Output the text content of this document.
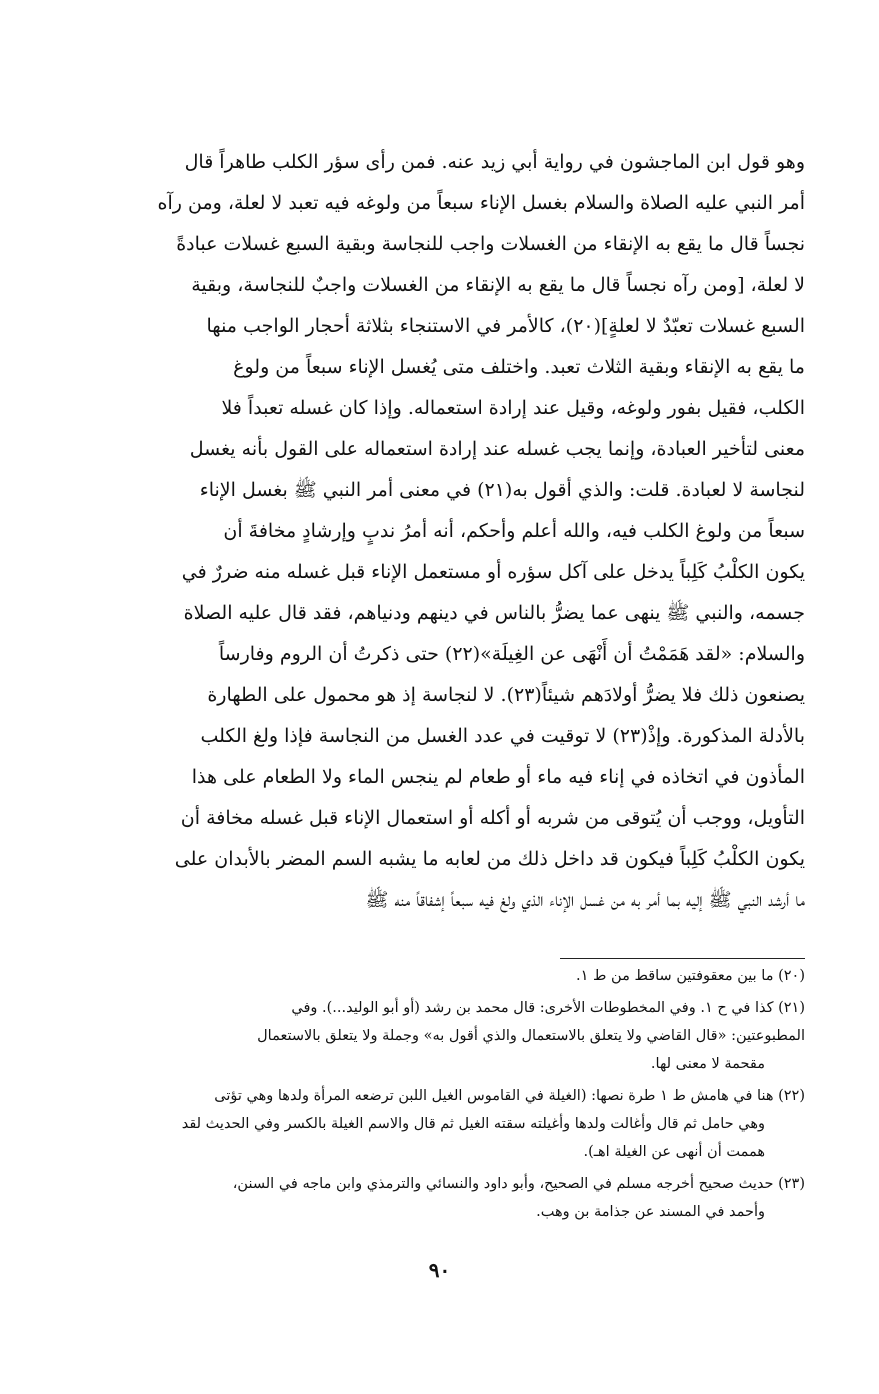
وهو قول ابن الماجشون في رواية أبي زيد عنه. فمن رأى سؤر الكلب طاهراً قال
أمر النبي عليه الصلاة والسلام بغسل الإناء سبعاً من ولوغه فيه تعبد لا لعلة، ومن رآه
نجساً قال ما يقع به الإنقاء من الغسلات واجب للنجاسة وبقية السبع غسلات عبادةً
لا لعلة، [ومن رآه نجساً قال ما يقع به الإنقاء من الغسلات واجبٌ للنجاسة، وبقية
السبع غسلات تعبّدٌ لا لعلةٍ](٢٠)، كالأمر في الاستنجاء بثلاثة أحجار الواجب منها
ما يقع به الإنقاء وبقية الثلاث تعبد. واختلف متى يُغسل الإناء سبعاً من ولوغ
الكلب، فقيل بفور ولوغه، وقيل عند إرادة استعماله. وإذا كان غسله تعبداً فلا
معنى لتأخير العبادة، وإنما يجب غسله عند إرادة استعماله على القول بأنه يغسل
لنجاسة لا لعبادة. قلت: والذي أقول به(٢١) في معنى أمر النبي ﷺ بغسل الإناء
سبعاً من ولوغ الكلب فيه، والله أعلم وأحكم، أنه أمرُ ندبٍ وإرشادٍ مخافةَ أن
يكون الكلْبُ كَلِباً يدخل على آكل سؤره أو مستعمل الإناء قبل غسله منه ضررٌ في
جسمه، والنبي ﷺ ينهى عما يضرُّ بالناس في دينهم ودنياهم، فقد قال عليه الصلاة
والسلام: «لقد هَمَمْتُ أن أَنْهَى عن الغِيلَة»(٢٢) حتى ذكرتُ أن الروم وفارساً
يصنعون ذلك فلا يضرُّ أولادَهم شيئاً(٢٣). لا لنجاسة إذ هو محمول على الطهارة
بالأدلة المذكورة. وإذْ(٢٣) لا توقيت في عدد الغسل من النجاسة فإذا ولغ الكلب
المأذون في اتخاذه في إناء فيه ماء أو طعام لم ينجس الماء ولا الطعام على هذا
التأويل، ووجب أن يُتوقى من شربه أو أكله أو استعمال الإناء قبل غسله مخافة أن
يكون الكلْبُ كَلِباً فيكون قد داخل ذلك من لعابه ما يشبه السم المضر بالأبدان على
ما أرشد النبي ﷺ إليه بما أمر به من غسل الإناء الذي ولغ فيه سبعاً إشفاقاً منه ﷺ
(٢٠) ما بين معقوفتين ساقط من ط ١.
(٢١) كذا في ح ١. وفي المخطوطات الأخرى: قال محمد بن رشد (أو أبو الوليد...). وفي
المطبوعتين: «قال القاضي ولا يتعلق بالاستعمال والذي أقول به» وجملة ولا يتعلق بالاستعمال
مقحمة لا معنى لها.
(٢٢) هنا في هامش ط ١ طرة نصها: (الغيلة في القاموس الغيل اللبن ترضعه المرأة ولدها وهي تؤتى
وهي حامل ثم قال وأغالت ولدها وأغيلته سقته الغيل ثم قال والاسم الغيلة بالكسر وفي الحديث لقد
هممت أن أنهى عن الغيلة اهـ).
(٢٣) حديث صحيح أخرجه مسلم في الصحيح، وأبو داود والنسائي والترمذي وابن ماجه في السنن،
وأحمد في المسند عن جذامة بن وهب.
٩٠
